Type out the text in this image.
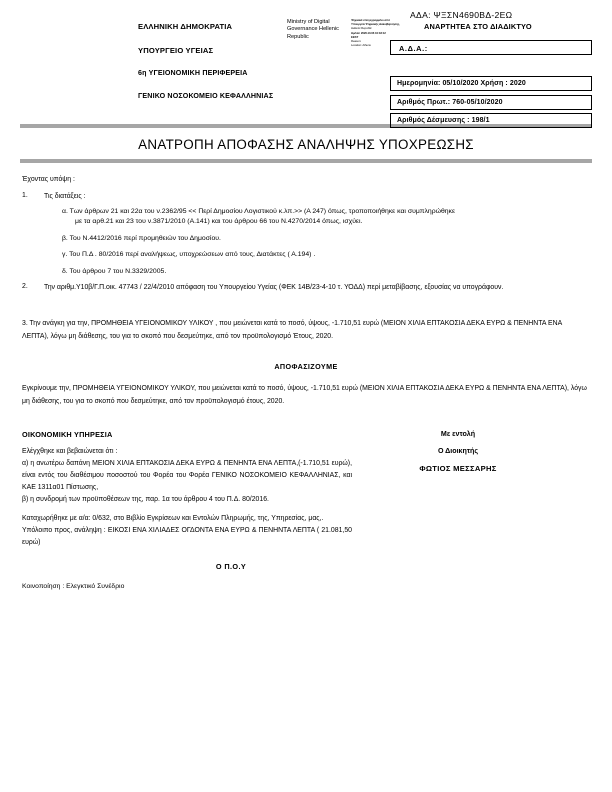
ΕΛΛΗΝΙΚΗ ΔΗΜΟΚΡΑΤΙΑ
ΥΠΟΥΡΓΕΙΟ ΥΓΕΙΑΣ
6η ΥΓΕΙΟΝΟΜΙΚΗ ΠΕΡΙΦΕΡΕΙΑ
ΓΕΝΙΚΟ ΝΟΣΟΚΟΜΕΙΟ ΚΕΦΑΛΛΗΝΙΑΣ
Ministry of Digital Governance Hellenic Republic
Ψηφιακά υπογεγραμμένο από
Υπουργείο Ψηφιακής Διακυβέρνησης,
Hellenic Republic
Ημ/νία: 2020.10.06 10:18:12
EEST
Reason:
Location: Athens
ΑΔΑ: ΨΞΣΝ4690ΒΔ-2ΕΩ
ΑΝΑΡΤΗΤΕΑ ΣΤΟ ΔΙΑΔΙΚΤΥΟ
Α.Δ.Α.:
Ημερομηνία: 05/10/2020 Χρήση : 2020
Αριθμός Πρωτ.: 760-05/10/2020
Αριθμός Δέσμευσης : 198/1
ΑΝΑΤΡΟΠΗ ΑΠΟΦΑΣΗΣ ΑΝΑΛΗΨΗΣ ΥΠΟΧΡΕΩΣΗΣ
Έχοντας υπόψη :
1.	Τις διατάξεις :
α. Των άρθρων 21 και 22α του ν.2362/95 << Περί Δημοσίου Λογιστικού κ.λπ.>> (Α 247) όπως, τροποποιήθηκε και συμπληρώθηκε
με τα αρθ.21 και 23 του ν.3871/2010 (Α.141) και του άρθρου 66 του Ν.4270/2014 όπως, ισχύει.
β. Του Ν.4412/2016 περί προμηθειών του Δημοσίου.
γ. Του Π.Δ . 80/2016 περί αναλήψεως, υποχρεώσεων από τους, Διατάκτες ( Α.194) .
δ. Του άρθρου 7 του Ν.3329/2005.
2.	Την αριθμ.Υ10β/Γ.Π.οικ. 47743 / 22/4/2010 απόφαση του Υπουργείου Υγείας (ΦΕΚ 14Β/23-4-10 τ. ΥΟΔΔ) περί μεταβίβασης, εξουσίας να υπογράφουν.
3. Την ανάγκη για την, ΠΡΟΜΗΘΕΙΑ ΥΓΕΙΟΝΟΜΙΚΟΥ ΥΛΙΚΟΥ , που μειώνεται κατά το ποσό, ύψους, -1.710,51 ευρώ (ΜΕΙΟΝ ΧΙΛΙΑ ΕΠΤΑΚΟΣΙΑ ΔΕΚΑ ΕΥΡΩ & ΠΕΝΗΝΤΑ ΕΝΑ ΛΕΠΤΑ), λόγω μη διάθεσης, του για το σκοπό που δεσμεύτηκε, από τον προϋπολογισμό Έτους, 2020.
ΑΠΟΦΑΣΙΖΟΥΜΕ
Εγκρίνουμε την, ΠΡΟΜΗΘΕΙΑ ΥΓΕΙΟΝΟΜΙΚΟΥ ΥΛΙΚΟΥ, που μειώνεται κατά το ποσό, ύψους, -1.710,51 ευρώ (ΜΕΙΟΝ ΧΙΛΙΑ ΕΠΤΑΚΟΣΙΑ ΔΕΚΑ ΕΥΡΩ & ΠΕΝΗΝΤΑ ΕΝΑ ΛΕΠΤΑ), λόγω μη διάθεσης, του για το σκοπό που δεσμεύτηκε, από τον προϋπολογισμό έτους, 2020.
ΟΙΚΟΝΟΜΙΚΗ ΥΠΗΡΕΣΙΑ
Ελέγχθηκε και βεβαιώνεται ότι :
α) η ανωτέρω δαπάνη ΜΕΙΟΝ ΧΙΛΙΑ ΕΠΤΑΚΟΣΙΑ ΔΕΚΑ ΕΥΡΩ & ΠΕΝΗΝΤΑ ΕΝΑ ΛΕΠΤΑ,(-1.710,51 ευρώ), είναι εντός του διαθέσιμου ποσοστού του Φορέα του Φορέα ΓΕΝΙΚΟ ΝΟΣΟΚΟΜΕΙΟ ΚΕΦΑΛΛΗΝΙΑΣ, και ΚΑΕ 1311α01 Πίστωσης,
β) η συνδρομή των προϋποθέσεων της, παρ. 1α του άρθρου 4 του Π.Δ. 80/2016.
Καταχωρήθηκε με α/α: 0/632, στο Βιβλίο Εγκρίσεων και Εντολών Πληρωμής, της, Υπηρεσίας, μας,.
Υπόλοιπο προς, ανάληψη : ΕΙΚΟΣΙ ΕΝΑ ΧΙΛΙΑΔΕΣ ΟΓΔΟΝΤΑ ΕΝΑ ΕΥΡΩ & ΠΕΝΗΝΤΑ ΛΕΠΤΑ ( 21.081,50 ευρώ)
Με εντολή
Ο Διοικητής
ΦΩΤΙΟΣ ΜΕΣΣΑΡΗΣ
Ο Π.Ο.Υ
Κοινοποίηση : Ελεγκτικό Συνέδριο
